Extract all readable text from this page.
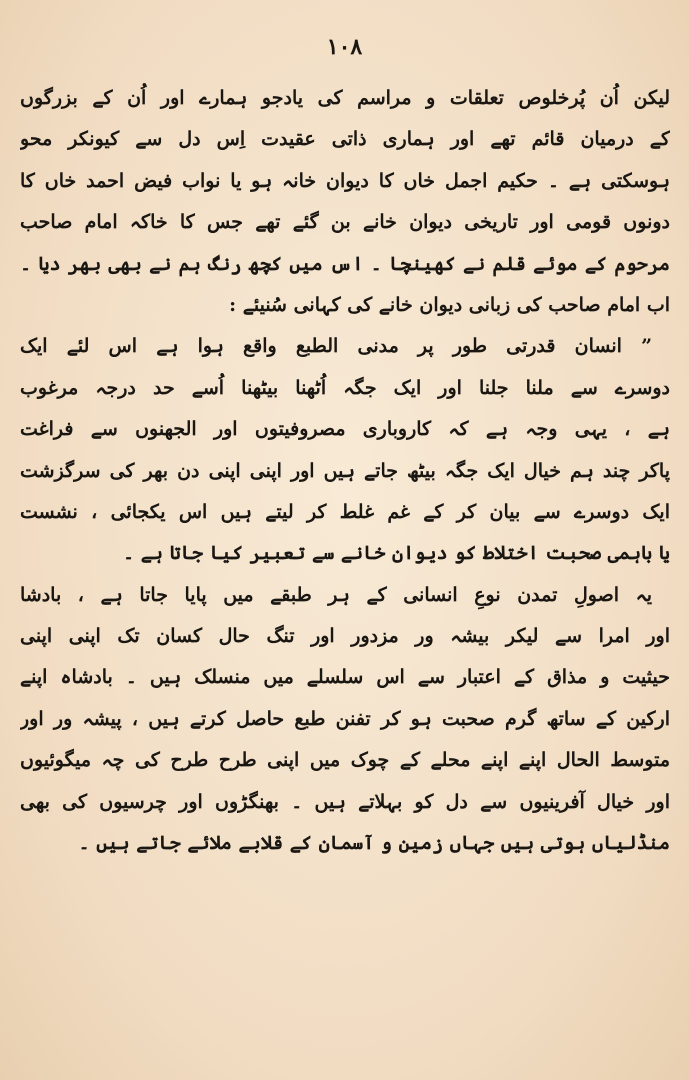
۱۰۸
لیکن اُن پُرخلوص تعلقات و مراسم کی یادجو ہمارے اور اُن کے بزرگوں
کے درمیان قائم تھے اور ہماری ذاتی عقیدت اِس دل سے کیونکر محو
ہوسکتی ہے ۔ حکیم اجمل خاں کا دیوان خانہ ہو یا نواب فیض احمد خاں کا
دونوں قومی اور تاریخی دیوان خانے بن گئے تھے جس کا خاکہ امام صاحب
مرحوم کے موئے قلم نے کھینچا ۔ اس میں کچھ رنگ ہم نے بھی بھر دیا ۔
اب امام صاحب کی زبانی دیوان خانے کی کہانی سُنیئے :
” انسان قدرتی طور پر مدنی الطبع واقع ہوا ہے اس لئے ایک
دوسرے سے ملنا جلنا اور ایک جگہ اُٹھنا بیٹھنا اُسے حد درجہ مرغوب
ہے ، یہی وجہ ہے کہ کاروباری مصروفیتوں اور الجھنوں سے فراغت
پاکر چند ہم خیال ایک جگہ بیٹھ جاتے ہیں اور اپنی اپنی دن بھر کی سرگزشت
ایک دوسرے سے بیان کر کے غم غلط کر لیتے ہیں اس یکجائی ، نشست
یا باہمی صحبت اختلاط کو دیوان خانے سے تعبیر کیا جاتا ہے ۔
یہ اصولِ تمدن نوعِ انسانی کے ہر طبقے میں پایا جاتا ہے ، بادشا
اور امرا سے لیکر بیشہ ور مزدور اور تنگ حال کسان تک اپنی اپنی
حیثیت و مذاق کے اعتبار سے اس سلسلے میں منسلک ہیں ۔ بادشاہ اپنے
ارکین کے ساتھ گرم صحبت ہو کر تفنن طبع حاصل کرتے ہیں ، پیشہ ور اور
متوسط الحال اپنے اپنے محلے کے چوک میں اپنی طرح طرح کی چہ میگوئیوں
اور خیال آفرینیوں سے دل کو بہلاتے ہیں ۔ بھنگڑوں اور چرسیوں کی بھی
منڈلیاں ہوتی ہیں جہاں زمین و آسمان کے قلابے ملائے جاتے ہیں ۔
